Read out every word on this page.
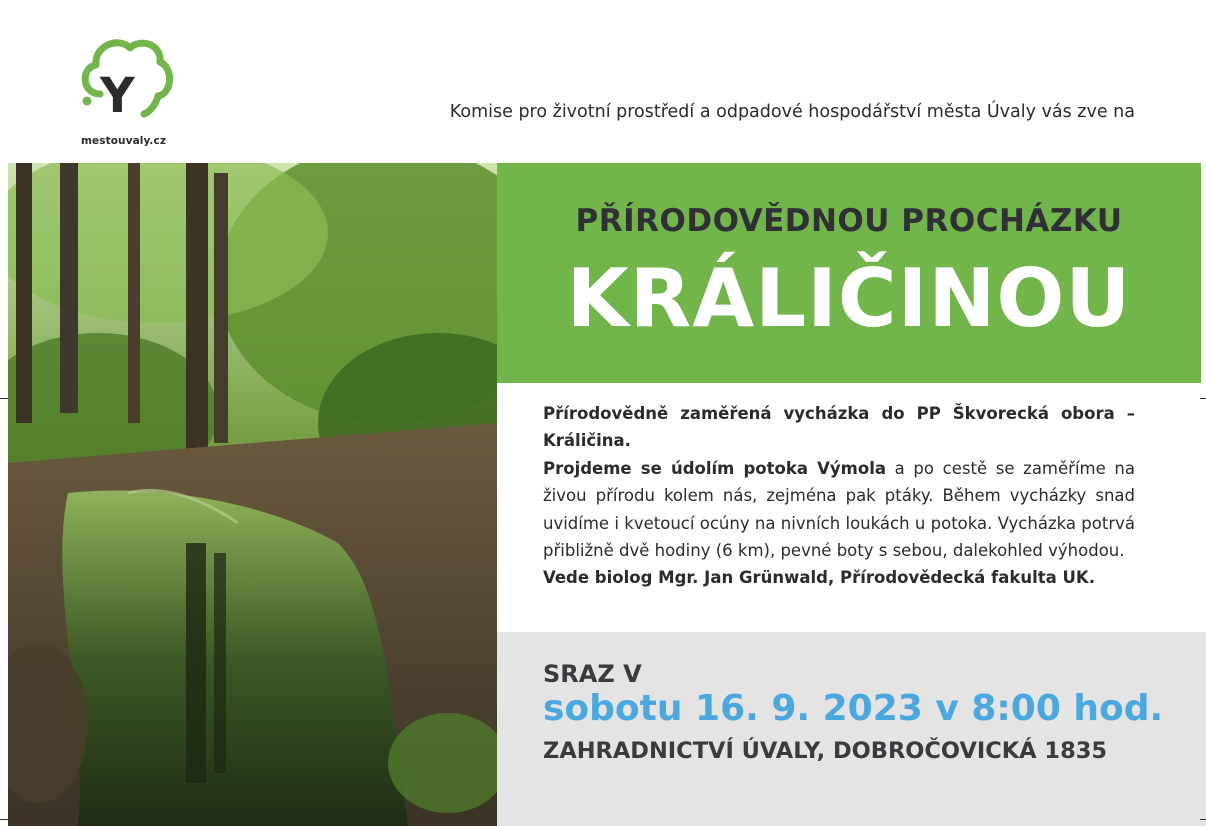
Y
mestouvaly.cz
Komise pro životní prostředí a odpadové hospodářství města Úvaly vás zve na
PŘÍRODOVĚDNOU PROCHÁZKU
KRÁLIČINOU

Přírodovědně zaměřená vycházka do PP Škvorecká obora – Králičina.

Projdeme se údolím potoka Výmola a po cestě se zaměříme na živou přírodu kolem nás, zejména pak ptáky. Během vycházky snad uvidíme i kvetoucí ocúny na nivních loukách u potoka. Vycházka potrvá přibližně dvě hodiny (6 km), pevné boty s sebou, dalekohled výhodou.

Vede biolog Mgr. Jan Grünwald, Přírodovědecká fakulta UK.

SRAZ V
sobotu 16. 9. 2023 v 8:00 hod.
ZAHRADNICTVÍ ÚVALY, DOBROČOVICKÁ 1835
